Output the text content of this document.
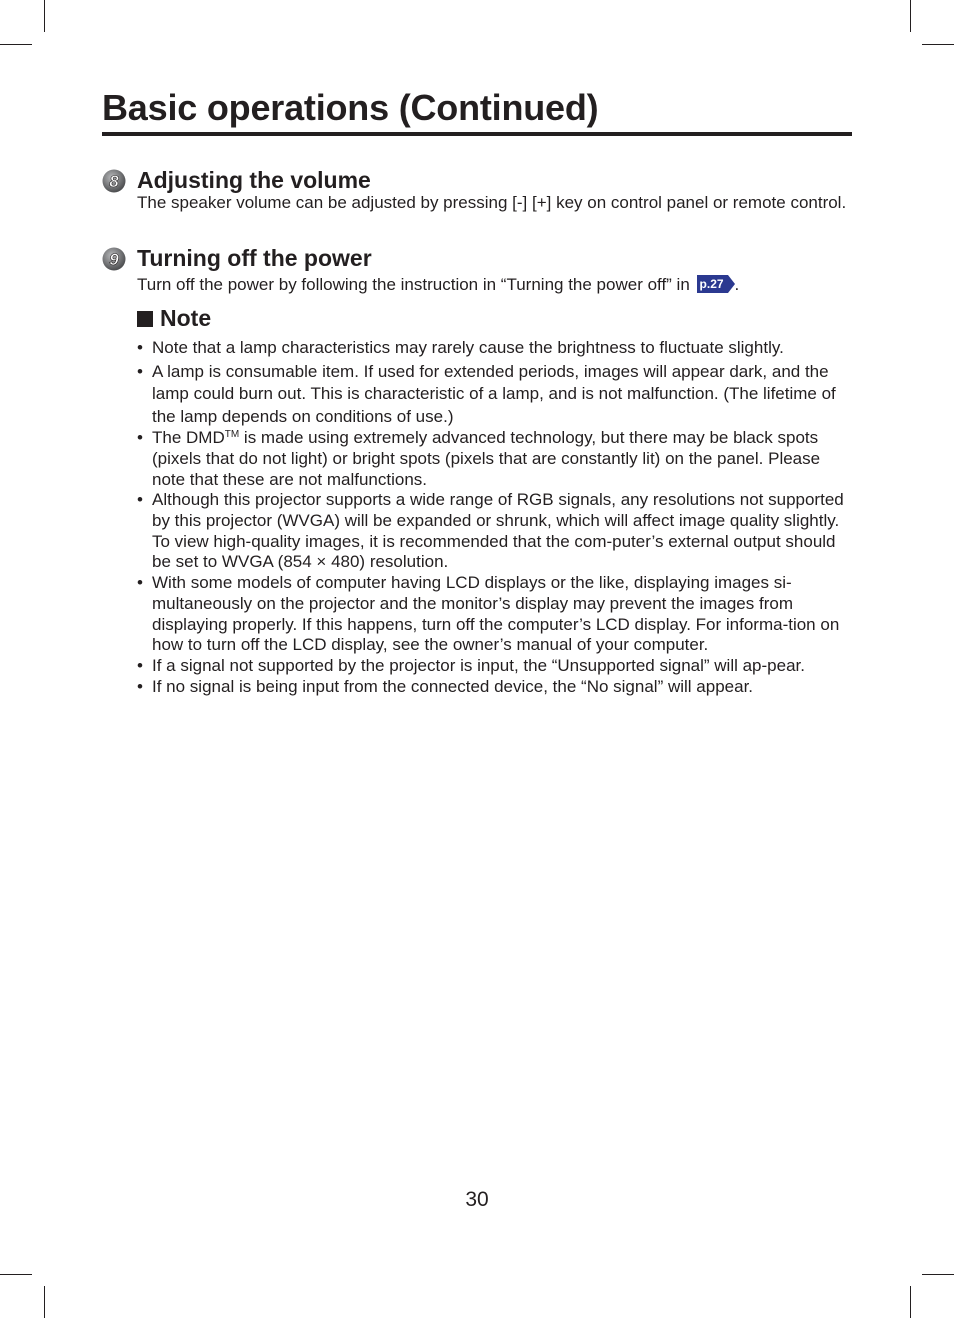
Basic operations (Continued)
8 Adjusting the volume

The speaker volume can be adjusted by pressing [-] [+] key on control panel or remote control.

9 Turning off the power

Turn off the power by following the instruction in “Turning the power off” in p.27 .

Note
• Note that a lamp characteristics may rarely cause the brightness to fluctuate slightly.
• A lamp is consumable item. If used for extended periods, images will appear dark, and the lamp could burn out. This is characteristic of a lamp, and is not malfunction. (The lifetime of the lamp depends on conditions of use.)
• The DMD™ is made using extremely advanced technology, but there may be black spots (pixels that do not light) or bright spots (pixels that are constantly lit) on the panel. Please note that these are not malfunctions.
• Although this projector supports a wide range of RGB signals, any resolutions not supported by this projector (WVGA) will be expanded or shrunk, which will affect image quality slightly. To view high-quality images, it is recommended that the com-puter’s external output should be set to WVGA (854 × 480) resolution.
• With some models of computer having LCD displays or the like, displaying images si-multaneously on the projector and the monitor’s display may prevent the images from displaying properly. If this happens, turn off the computer’s LCD display. For informa-tion on how to turn off the LCD display, see the owner’s manual of your computer.
• If a signal not supported by the projector is input, the “Unsupported signal” will ap-pear.
• If no signal is being input from the connected device, the “No signal” will appear.
30
